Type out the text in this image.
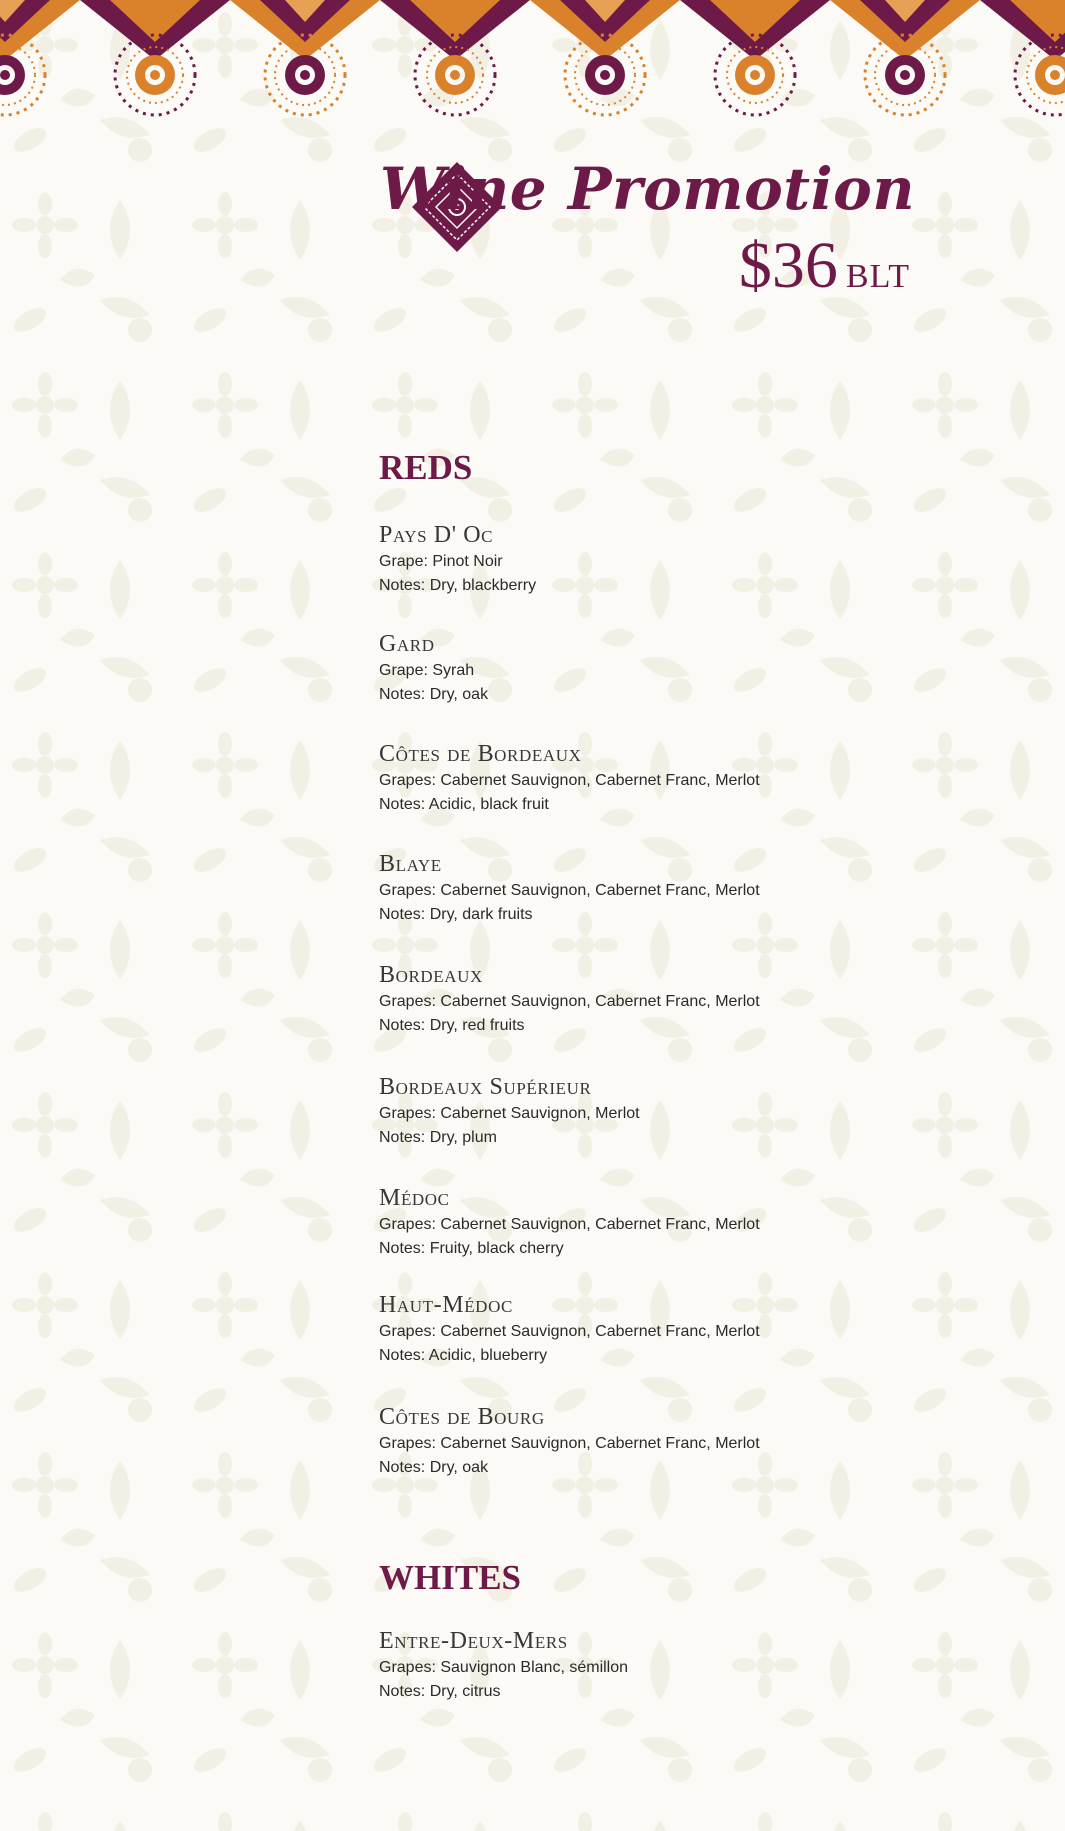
Wine Promotion
$36 BLT
REDS
Pays D' Oc
Grape: Pinot Noir
Notes: Dry, blackberry
Gard
Grape: Syrah
Notes: Dry, oak
Côtes de Bordeaux
Grapes: Cabernet Sauvignon, Cabernet Franc, Merlot
Notes: Acidic, black fruit
Blaye
Grapes: Cabernet Sauvignon, Cabernet Franc, Merlot
Notes: Dry, dark fruits
Bordeaux
Grapes: Cabernet Sauvignon, Cabernet Franc, Merlot
Notes: Dry, red fruits
Bordeaux Supérieur
Grapes: Cabernet Sauvignon, Merlot
Notes: Dry, plum
Médoc
Grapes: Cabernet Sauvignon, Cabernet Franc, Merlot
Notes: Fruity, black cherry
Haut-Médoc
Grapes: Cabernet Sauvignon, Cabernet Franc, Merlot
Notes: Acidic, blueberry
Côtes de Bourg
Grapes: Cabernet Sauvignon, Cabernet Franc, Merlot
Notes: Dry, oak
WHITES
Entre-Deux-Mers
Grapes: Sauvignon Blanc, sémillon
Notes: Dry, citrus
